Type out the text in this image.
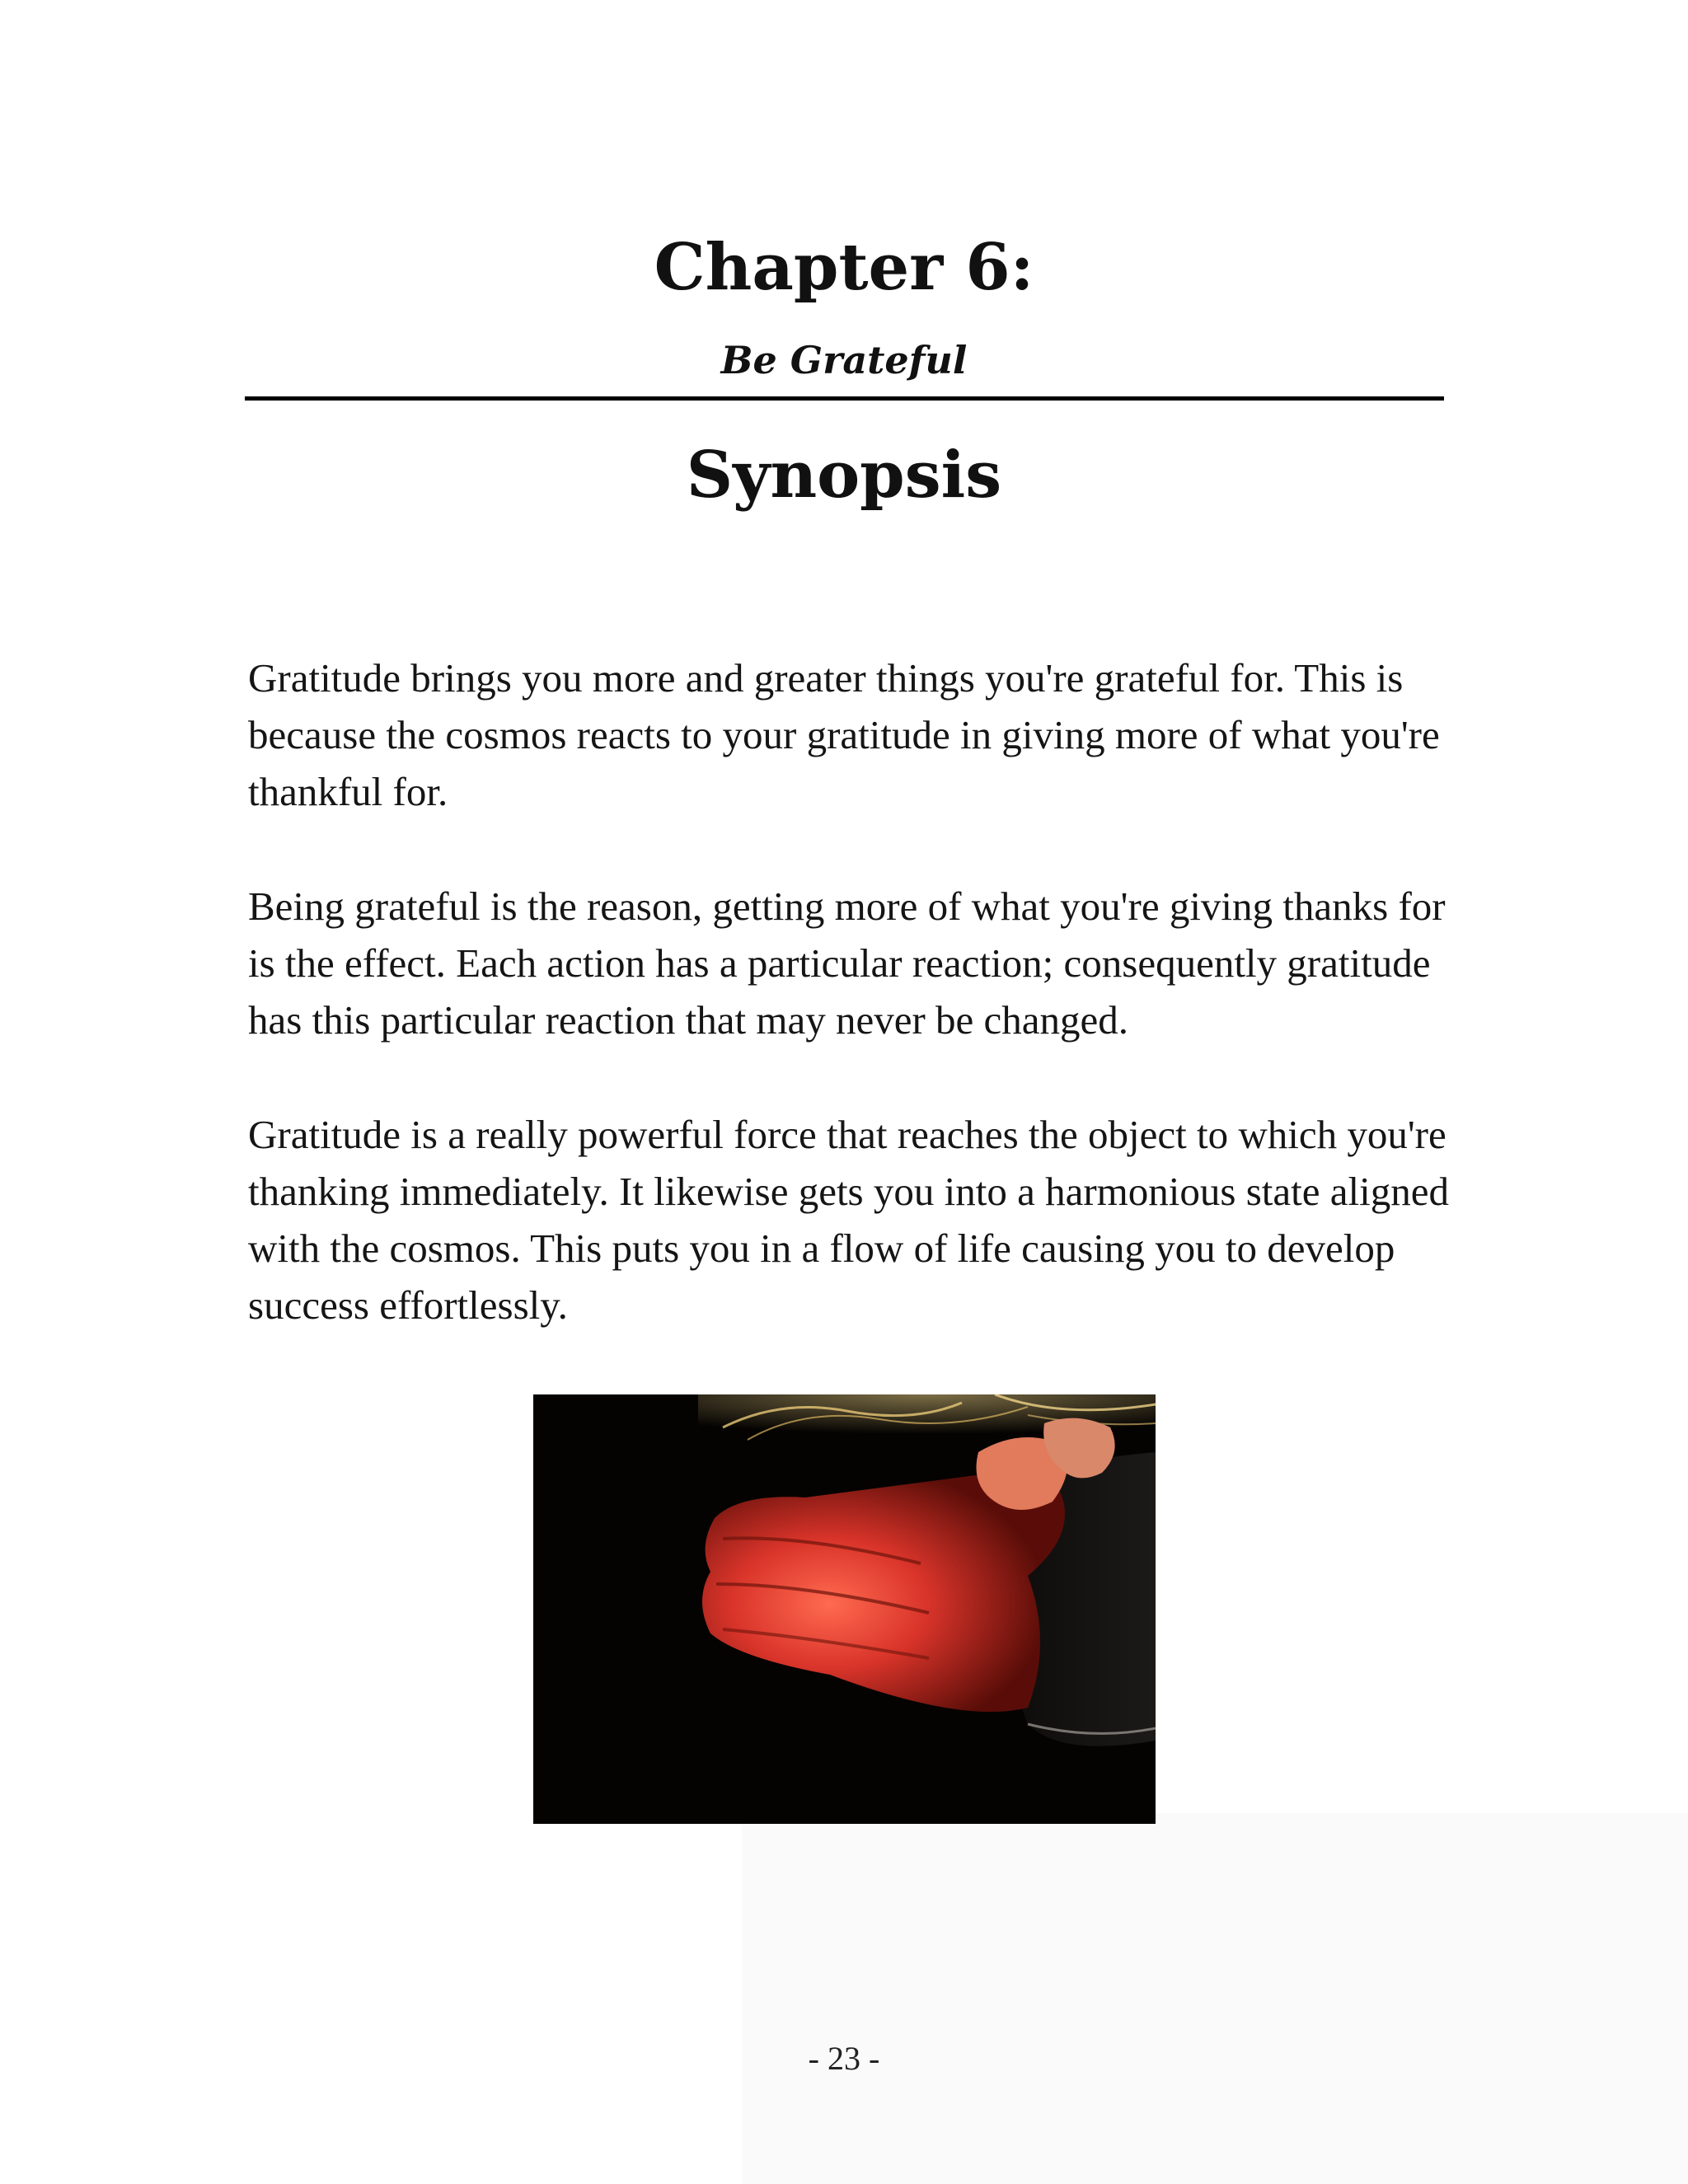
Chapter 6:
Be Grateful
Synopsis

Gratitude brings you more and greater things you're grateful for. This is because the cosmos reacts to your gratitude in giving more of what you're thankful for.

Being grateful is the reason, getting more of what you're giving thanks for is the effect. Each action has a particular reaction; consequently gratitude has this particular reaction that may never be changed.

Gratitude is a really powerful force that reaches the object to which you're thanking immediately. It likewise gets you into a harmonious state aligned with the cosmos. This puts you in a flow of life causing you to develop success effortlessly.

- 23 -
